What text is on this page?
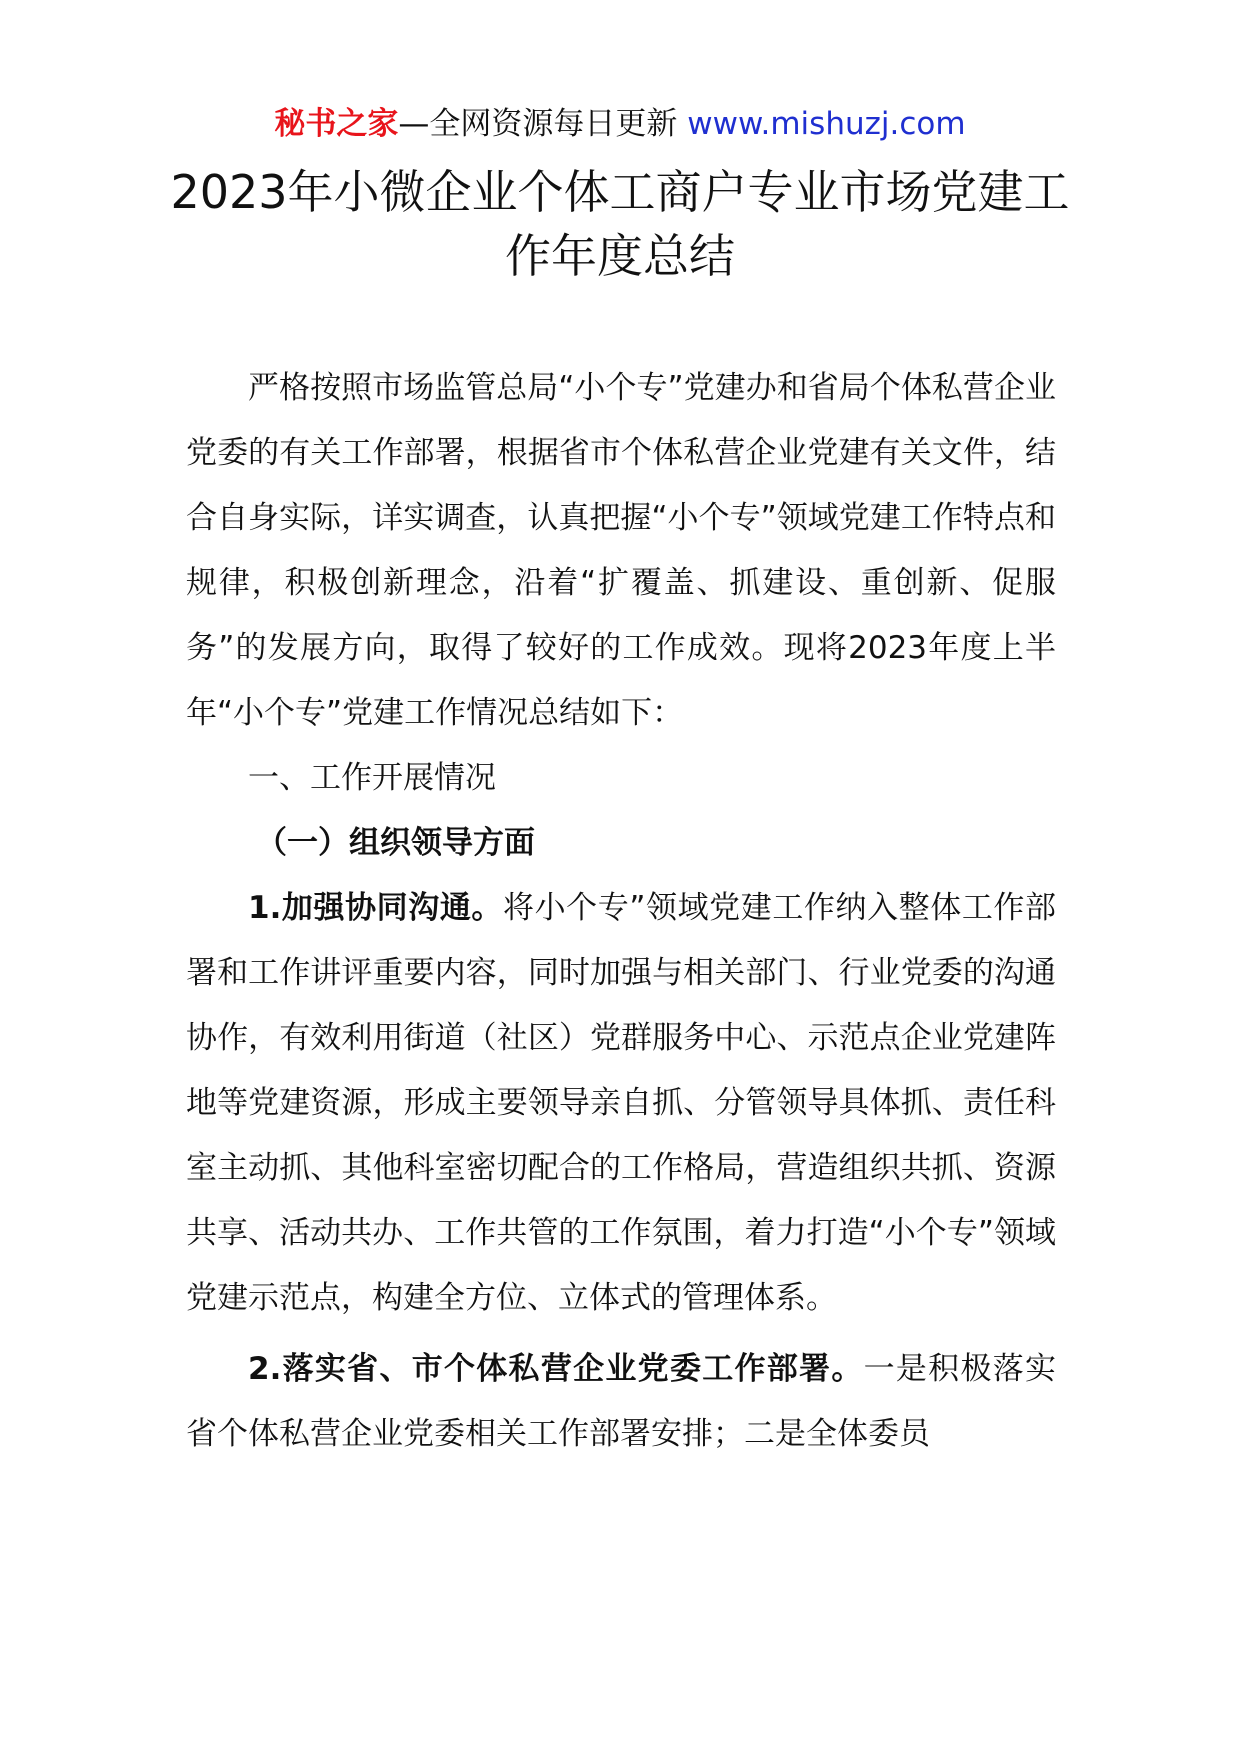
秘书之家—全网资源每日更新 www.mishuzj.com
2023年小微企业个体工商户专业市场党建工作年度总结

严格按照市场监管总局“小个专”党建办和省局个体私营企业党委的有关工作部署，根据省市个体私营企业党建有关文件，结合自身实际，详实调查，认真把握“小个专”领域党建工作特点和规律，积极创新理念，沿着“扩覆盖、抓建设、重创新、促服务”的发展方向，取得了较好的工作成效。现将2023年度上半年“小个专”党建工作情况总结如下：

一、工作开展情况

（一）组织领导方面

1.加强协同沟通。将小个专”领域党建工作纳入整体工作部署和工作讲评重要内容，同时加强与相关部门、行业党委的沟通协作，有效利用街道（社区）党群服务中心、示范点企业党建阵地等党建资源，形成主要领导亲自抓、分管领导具体抓、责任科室主动抓、其他科室密切配合的工作格局，营造组织共抓、资源共享、活动共办、工作共管的工作氛围，着力打造“小个专”领域党建示范点，构建全方位、立体式的管理体系。

2.落实省、市个体私营企业党委工作部署。一是积极落实省个体私营企业党委相关工作部署安排；二是全体委员
